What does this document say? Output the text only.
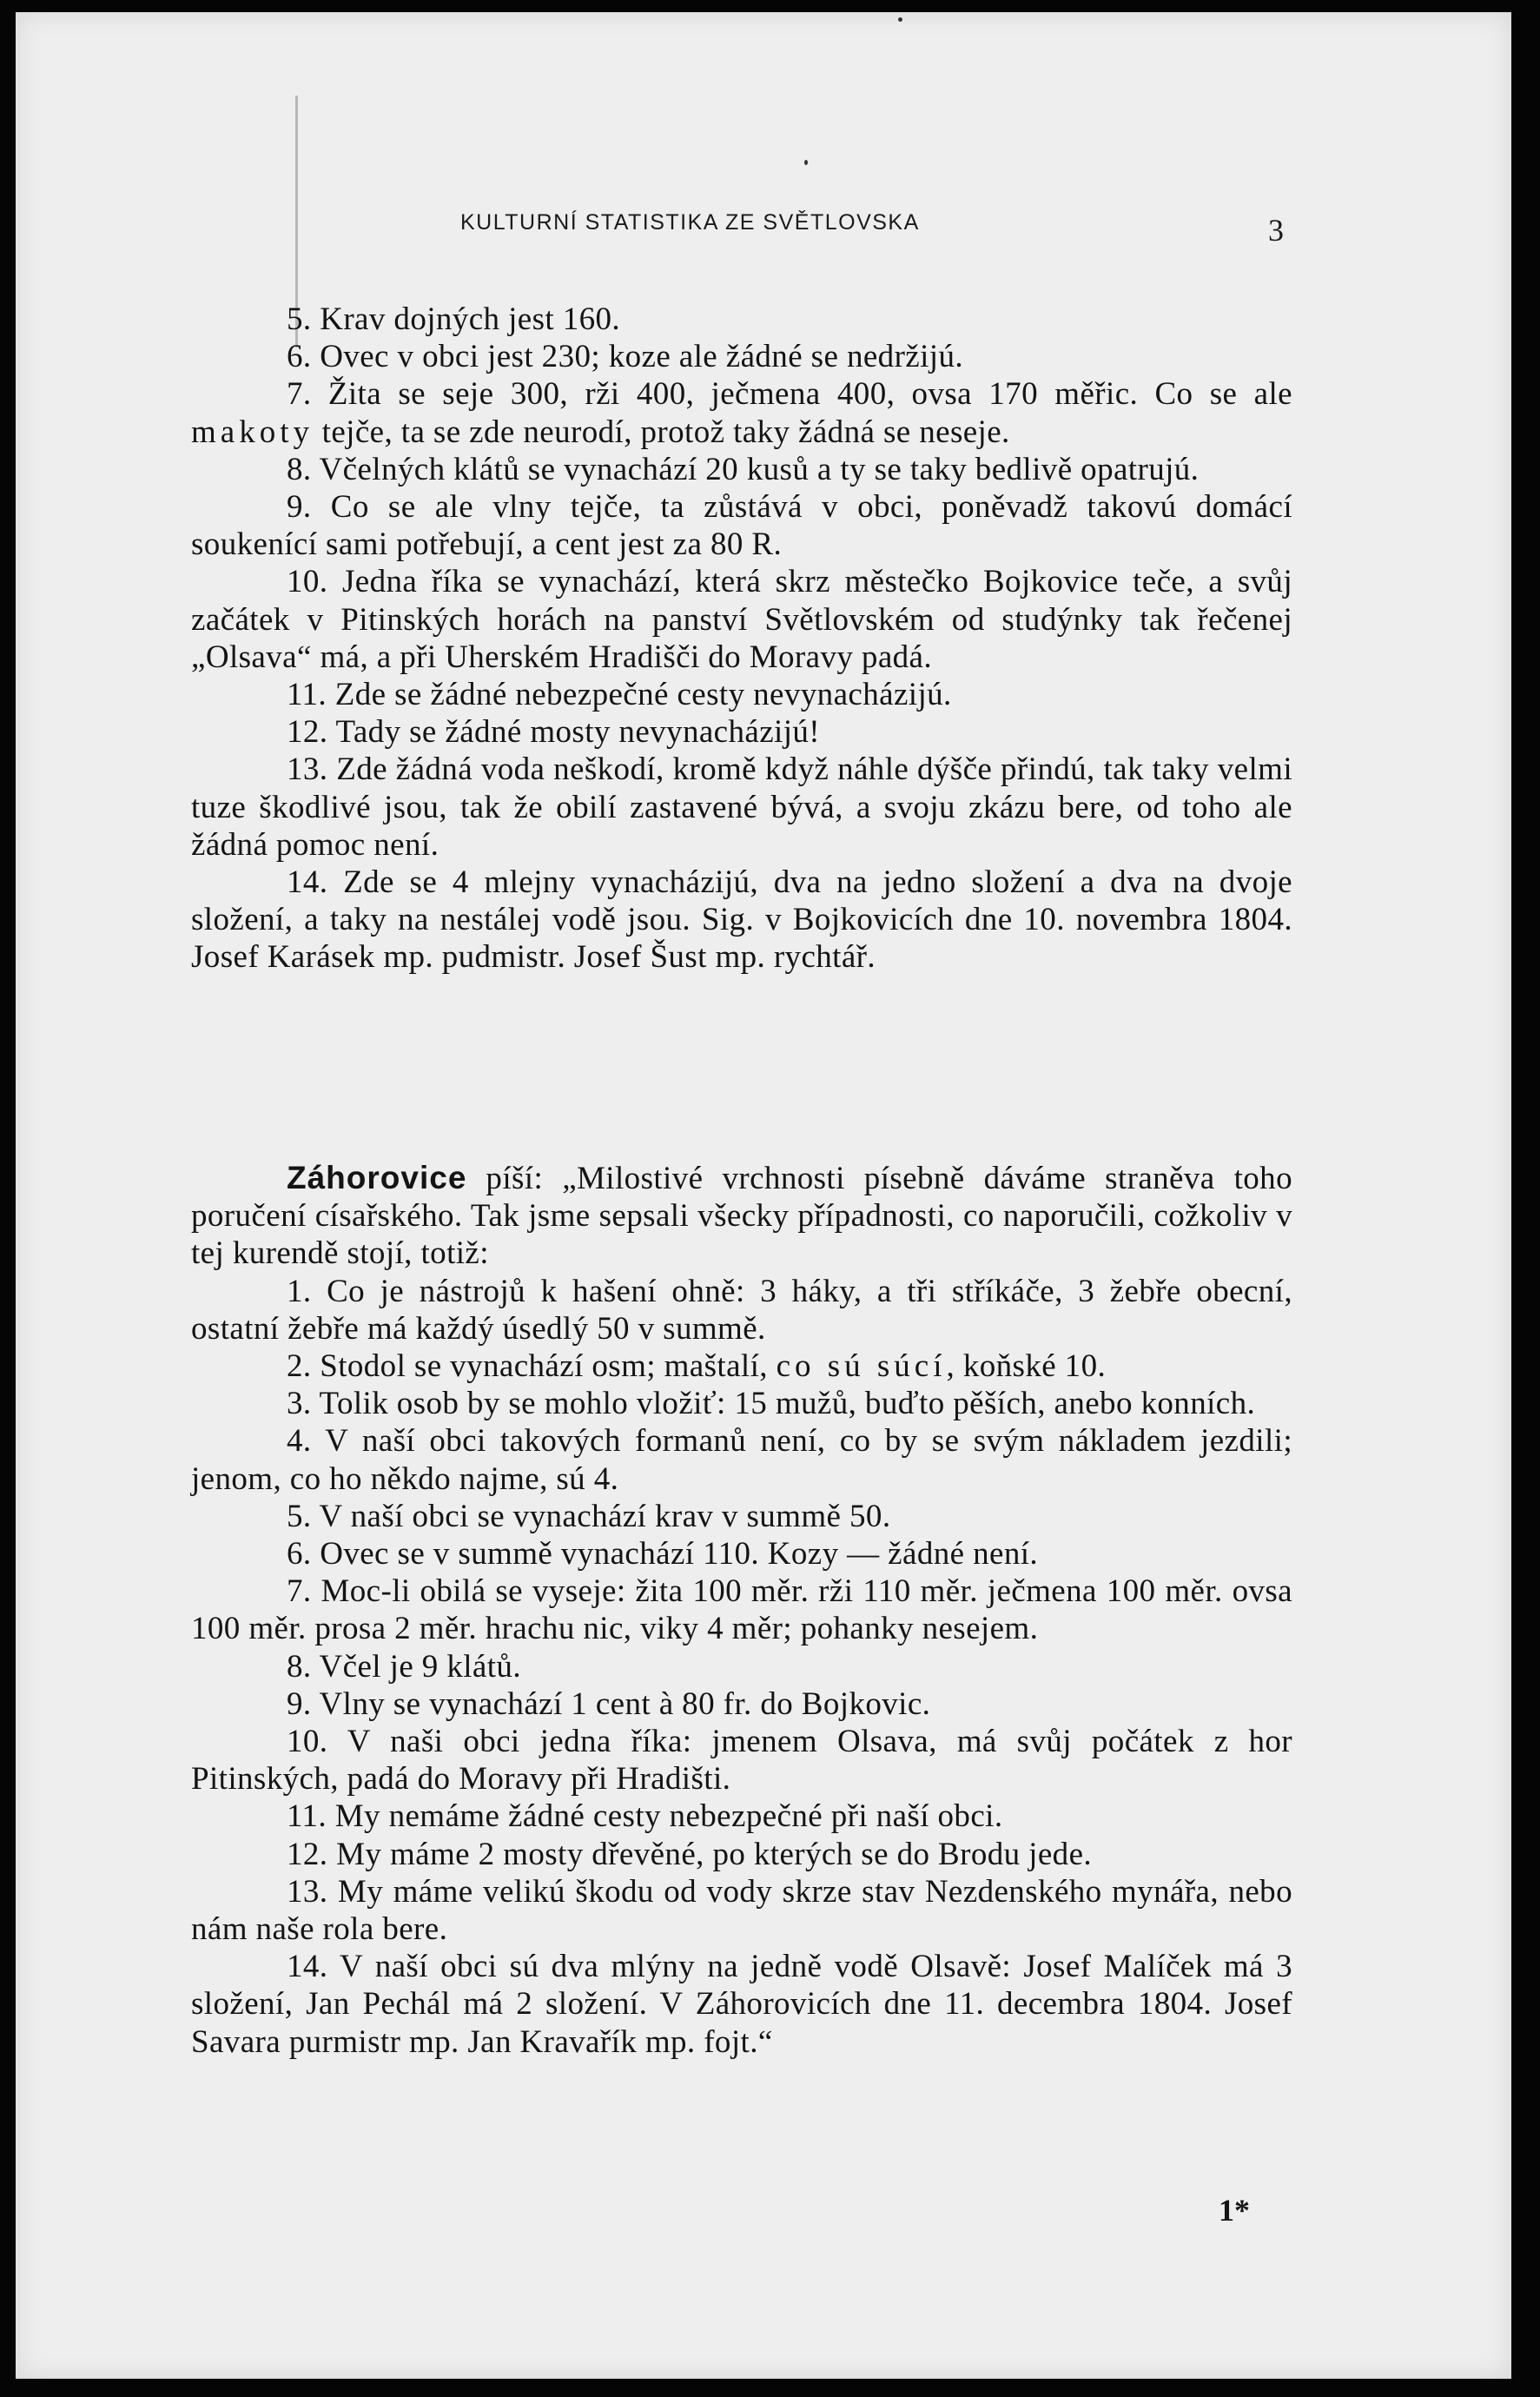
KULTURNÍ STATISTIKA ZE SVĚTLOVSKA	3

5. Krav dojných jest 160.

6. Ovec v obci jest 230; koze ale žádné se nedržijú.

7. Žita se seje 300, rži 400, ječmena 400, ovsa 170 měřic. Co se ale makoty tejče, ta se zde neurodí, protož taky žádná se neseje.

8. Včelných klátů se vynachází 20 kusů a ty se taky bedlivě opatrujú.

9. Co se ale vlny tejče, ta zůstává v obci, poněvadž takovú domácí soukenící sami potřebují, a cent jest za 80 R.

10. Jedna říka se vynachází, která skrz městečko Bojkovice teče, a svůj začátek v Pitinských horách na panství Světlovském od studýnky tak řečenej „Olsava“ má, a při Uherském Hradišči do Moravy padá.

11. Zde se žádné nebezpečné cesty nevynacházijú.

12. Tady se žádné mosty nevynacházijú!

13. Zde žádná voda neškodí, kromě když náhle dýšče přindú, tak taky velmi tuze škodlivé jsou, tak že obilí zastavené bývá, a svoju zkázu bere, od toho ale žádná pomoc není.

14. Zde se 4 mlejny vynacházijú, dva na jedno složení a dva na dvoje složení, a taky na nestálej vodě jsou. Sig. v Bojkovicích dne 10. novembra 1804. Josef Karásek mp. pudmistr. Josef Šust mp. rychtář.

Záhorovice píší: „Milostivé vrchnosti písebně dáváme straněva toho poručení císařského. Tak jsme sepsali všecky případnosti, co naporučili, cožkoliv v tej kurendě stojí, totiž:

1. Co je nástrojů k hašení ohně: 3 háky, a tři stříkáče, 3 žebře obecní, ostatní žebře má každý úsedlý 50 v summě.

2. Stodol se vynachází osm; maštalí, co sú súcí, koňské 10.

3. Tolik osob by se mohlo vložiť: 15 mužů, buďto pěších, anebo konních.

4. V naší obci takových formanů není, co by se svým nákladem jezdili; jenom, co ho někdo najme, sú 4.

5. V naší obci se vynachází krav v summě 50.

6. Ovec se v summě vynachází 110. Kozy — žádné není.

7. Moc-li obilá se vyseje: žita 100 měr. rži 110 měr. ječmena 100 měr. ovsa 100 měr. prosa 2 měr. hrachu nic, viky 4 měr; pohanky nesejem.

8. Včel je 9 klátů.

9. Vlny se vynachází 1 cent à 80 fr. do Bojkovic.

10. V naši obci jedna říka: jmenem Olsava, má svůj počátek z hor Pitinských, padá do Moravy při Hradišti.

11. My nemáme žádné cesty nebezpečné při naší obci.

12. My máme 2 mosty dřevěné, po kterých se do Brodu jede.

13. My máme velikú škodu od vody skrze stav Nezdenského mynářa, nebo nám naše rola bere.

14. V naší obci sú dva mlýny na jedně vodě Olsavě: Josef Malíček má 3 složení, Jan Pechál má 2 složení. V Záhorovicích dne 11. decembra 1804. Josef Savara purmistr mp. Jan Kravařík mp. fojt.“

1*
